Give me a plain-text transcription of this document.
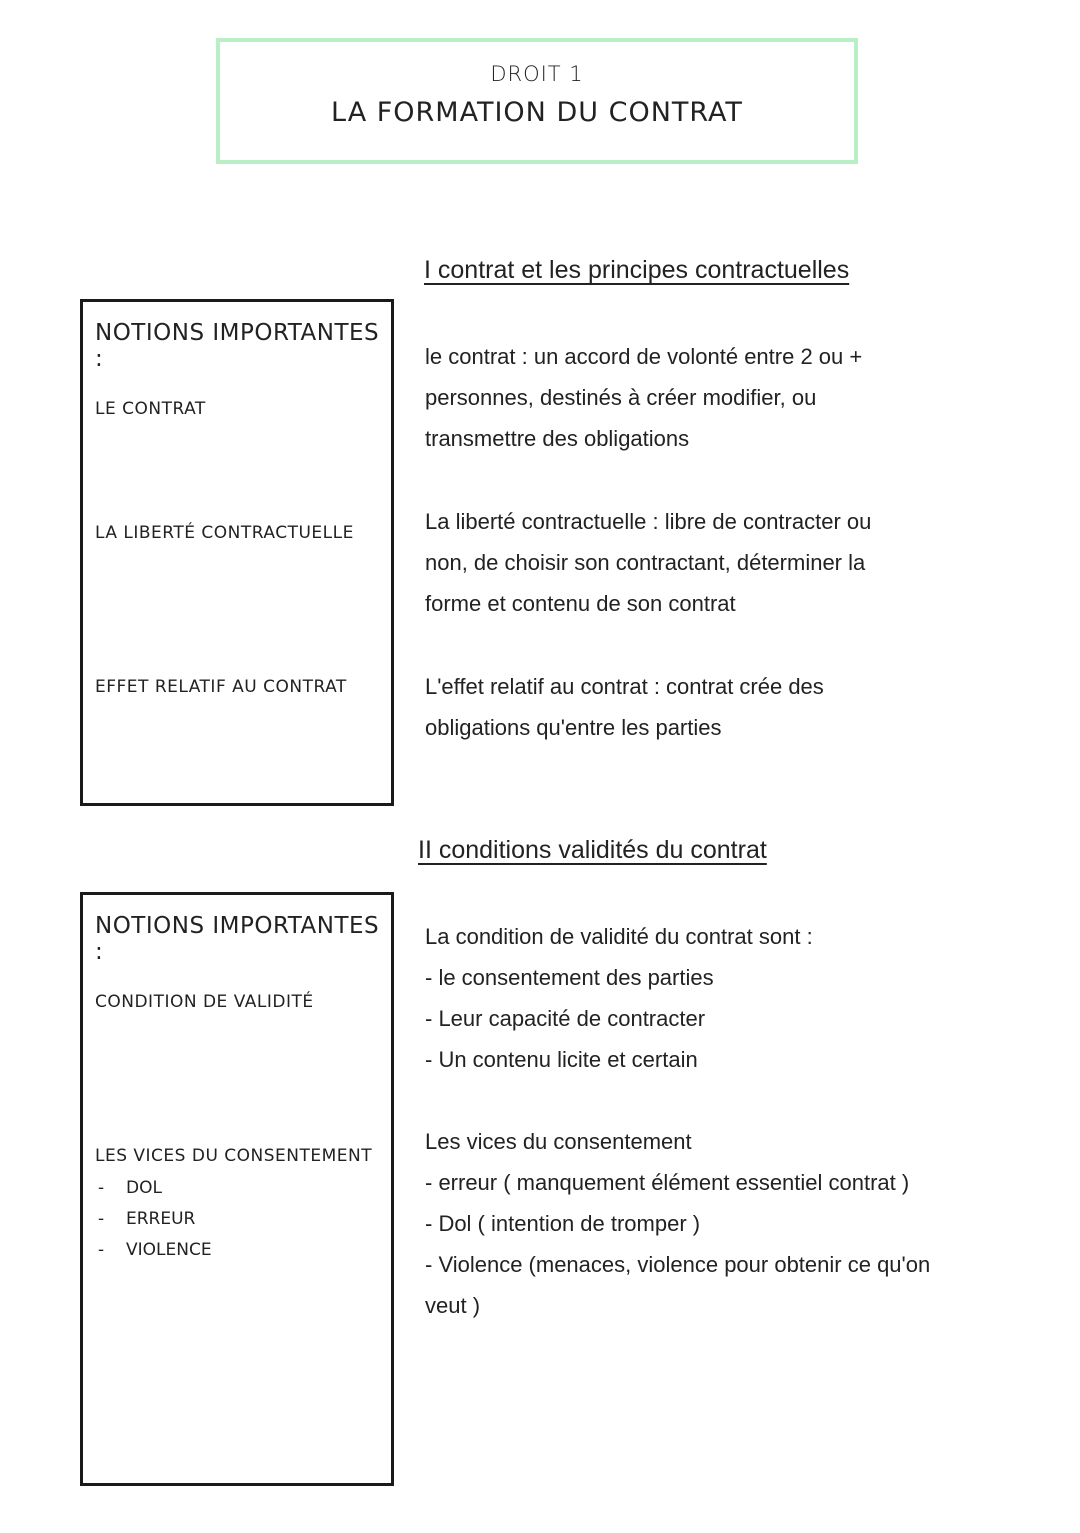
DROIT 1
LA FORMATION DU CONTRAT
I contrat et les principes contractuelles
NOTIONS IMPORTANTES :
LE CONTRAT
LA LIBERTÉ CONTRACTUELLE
EFFET RELATIF AU CONTRAT
le contrat : un accord de volonté entre 2 ou +
personnes, destinés à créer modifier, ou
transmettre des obligations
La liberté contractuelle : libre de contracter ou
non, de choisir son contractant, déterminer la
forme et contenu de son contrat
L'effet relatif au contrat : contrat crée des
obligations qu'entre les parties
II conditions validités du contrat
NOTIONS IMPORTANTES :
CONDITION DE VALIDITÉ
LES VICES DU CONSENTEMENT
- DOL
- ERREUR
- VIOLENCE
La condition de validité du contrat sont :
- le consentement des parties
- Leur capacité de contracter
- Un contenu licite et certain
Les vices du consentement
- erreur ( manquement élément essentiel contrat )
- Dol ( intention de tromper )
- Violence (menaces, violence pour obtenir ce qu'on
veut )
